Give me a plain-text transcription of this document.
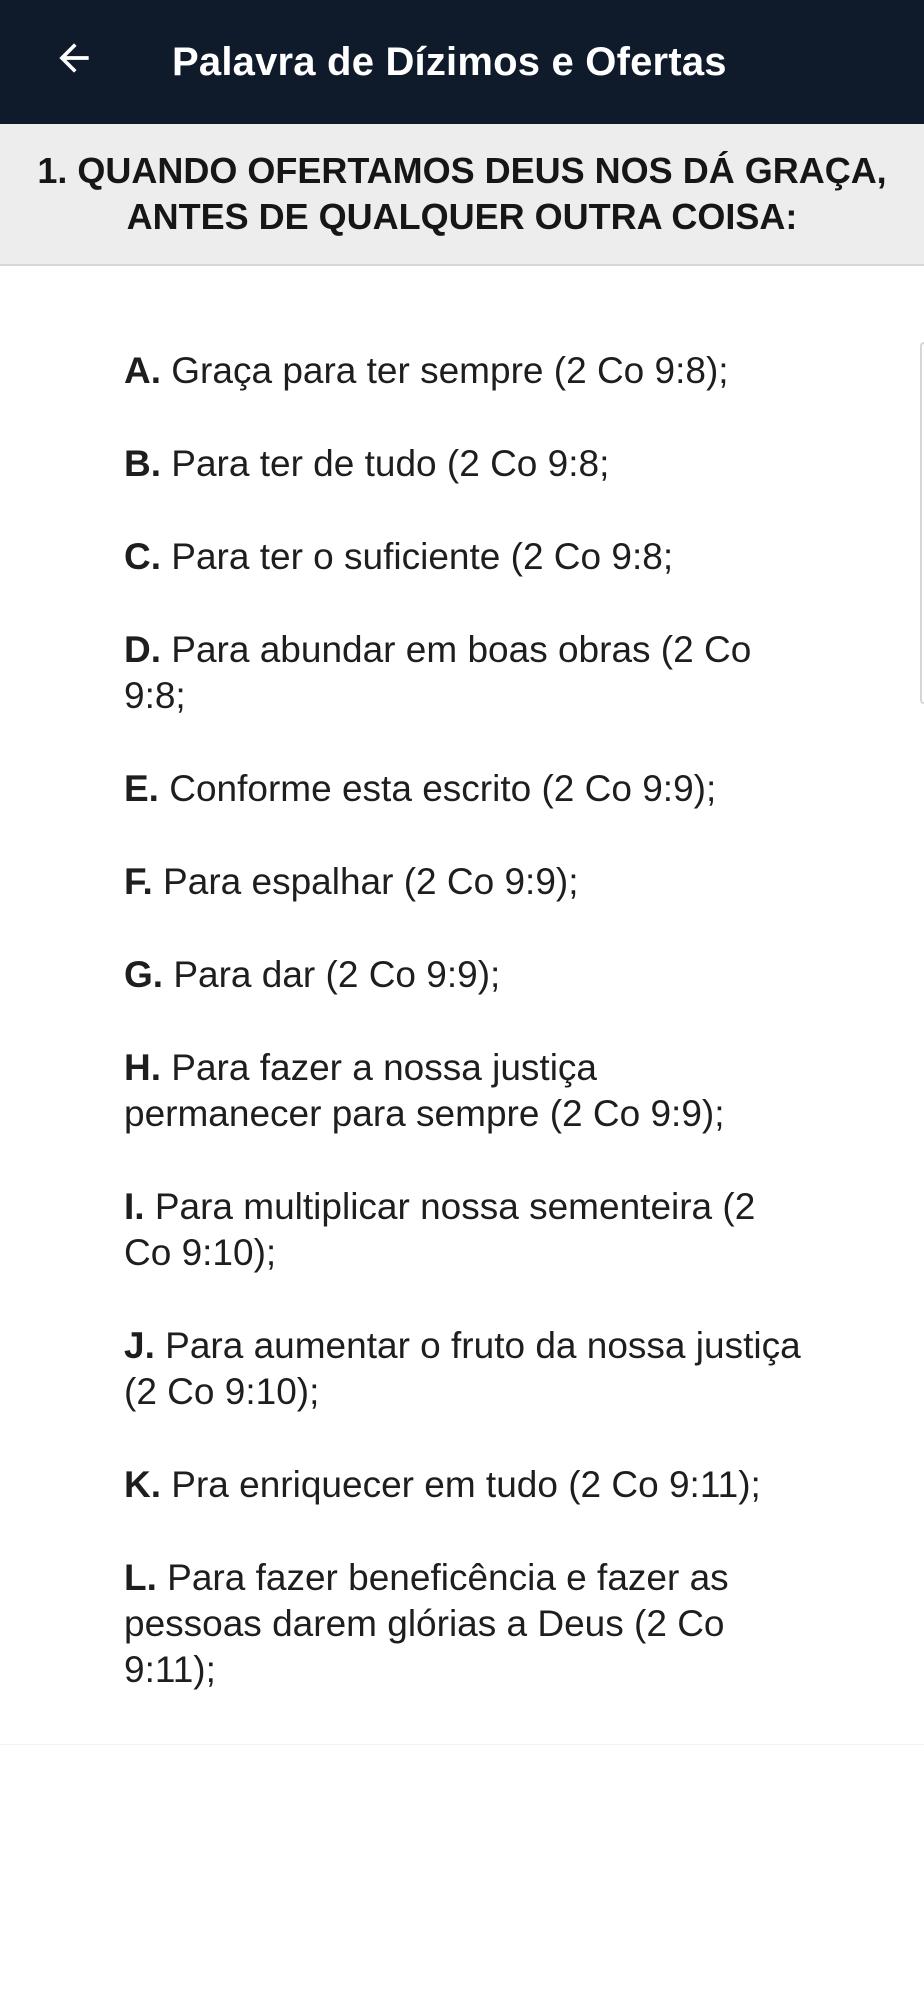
Palavra de Dízimos e Ofertas
1. QUANDO OFERTAMOS DEUS NOS DÁ GRAÇA, ANTES DE QUALQUER OUTRA COISA:
A. Graça para ter sempre (2 Co 9:8);
B. Para ter de tudo (2 Co 9:8;
C. Para ter o suficiente (2 Co 9:8;
D. Para abundar em boas obras (2 Co 9:8;
E. Conforme esta escrito (2 Co 9:9);
F. Para espalhar (2 Co 9:9);
G. Para dar (2 Co 9:9);
H. Para fazer a nossa justiça permanecer para sempre (2 Co 9:9);
I. Para multiplicar nossa sementeira (2 Co 9:10);
J. Para aumentar o fruto da nossa justiça (2 Co 9:10);
K. Pra enriquecer em tudo (2 Co 9:11);
L. Para fazer beneficência e fazer as pessoas darem glórias a Deus (2 Co 9:11);
